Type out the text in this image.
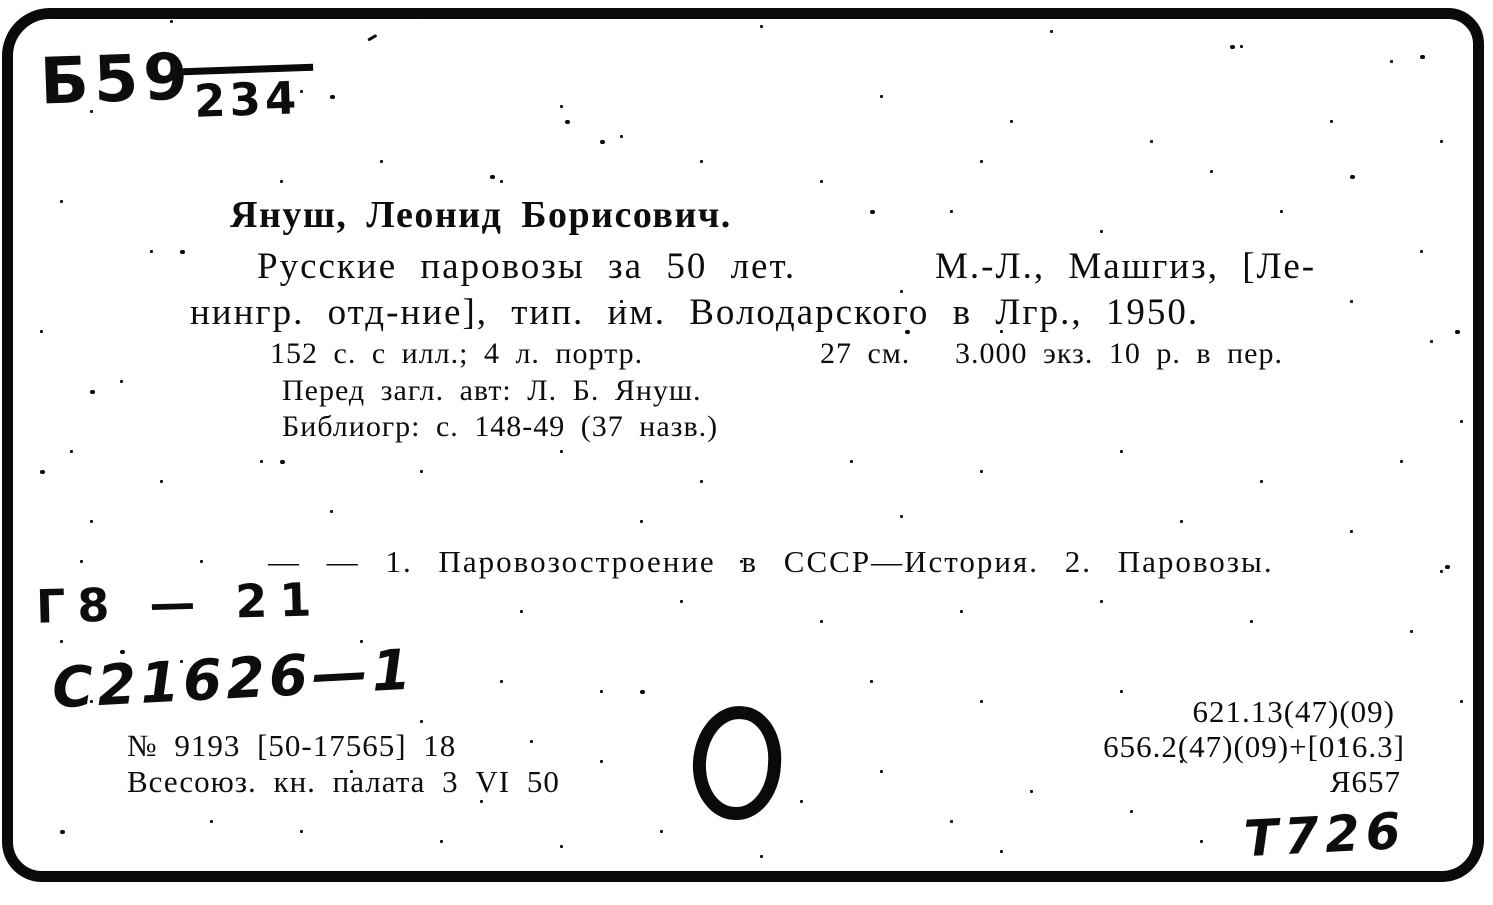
Б59 234
Януш, Леонид Борисович.
Русские паровозы за 50 лет.	М.-Л., Машгиз, [Ле-
нингр. отд-ние], тип. им. Володарского в Лгр., 1950.
152 с. с илл.; 4 л. портр.	27 см. 3.000 экз. 10 р. в пер.
Перед загл. авт: Л. Б. Януш.
Библиогр: с. 148-49 (37 назв.)
— — 1. Паровозостроение в СССР—История. 2. Паровозы.
Г8 — 21
С21626—1
№ 9193 [50-17565] 18
Всесоюз. кн. палата 3 VI 50
621.13(47)(09)
656.2(47)(09)+[016.3]
Я657
Т726
